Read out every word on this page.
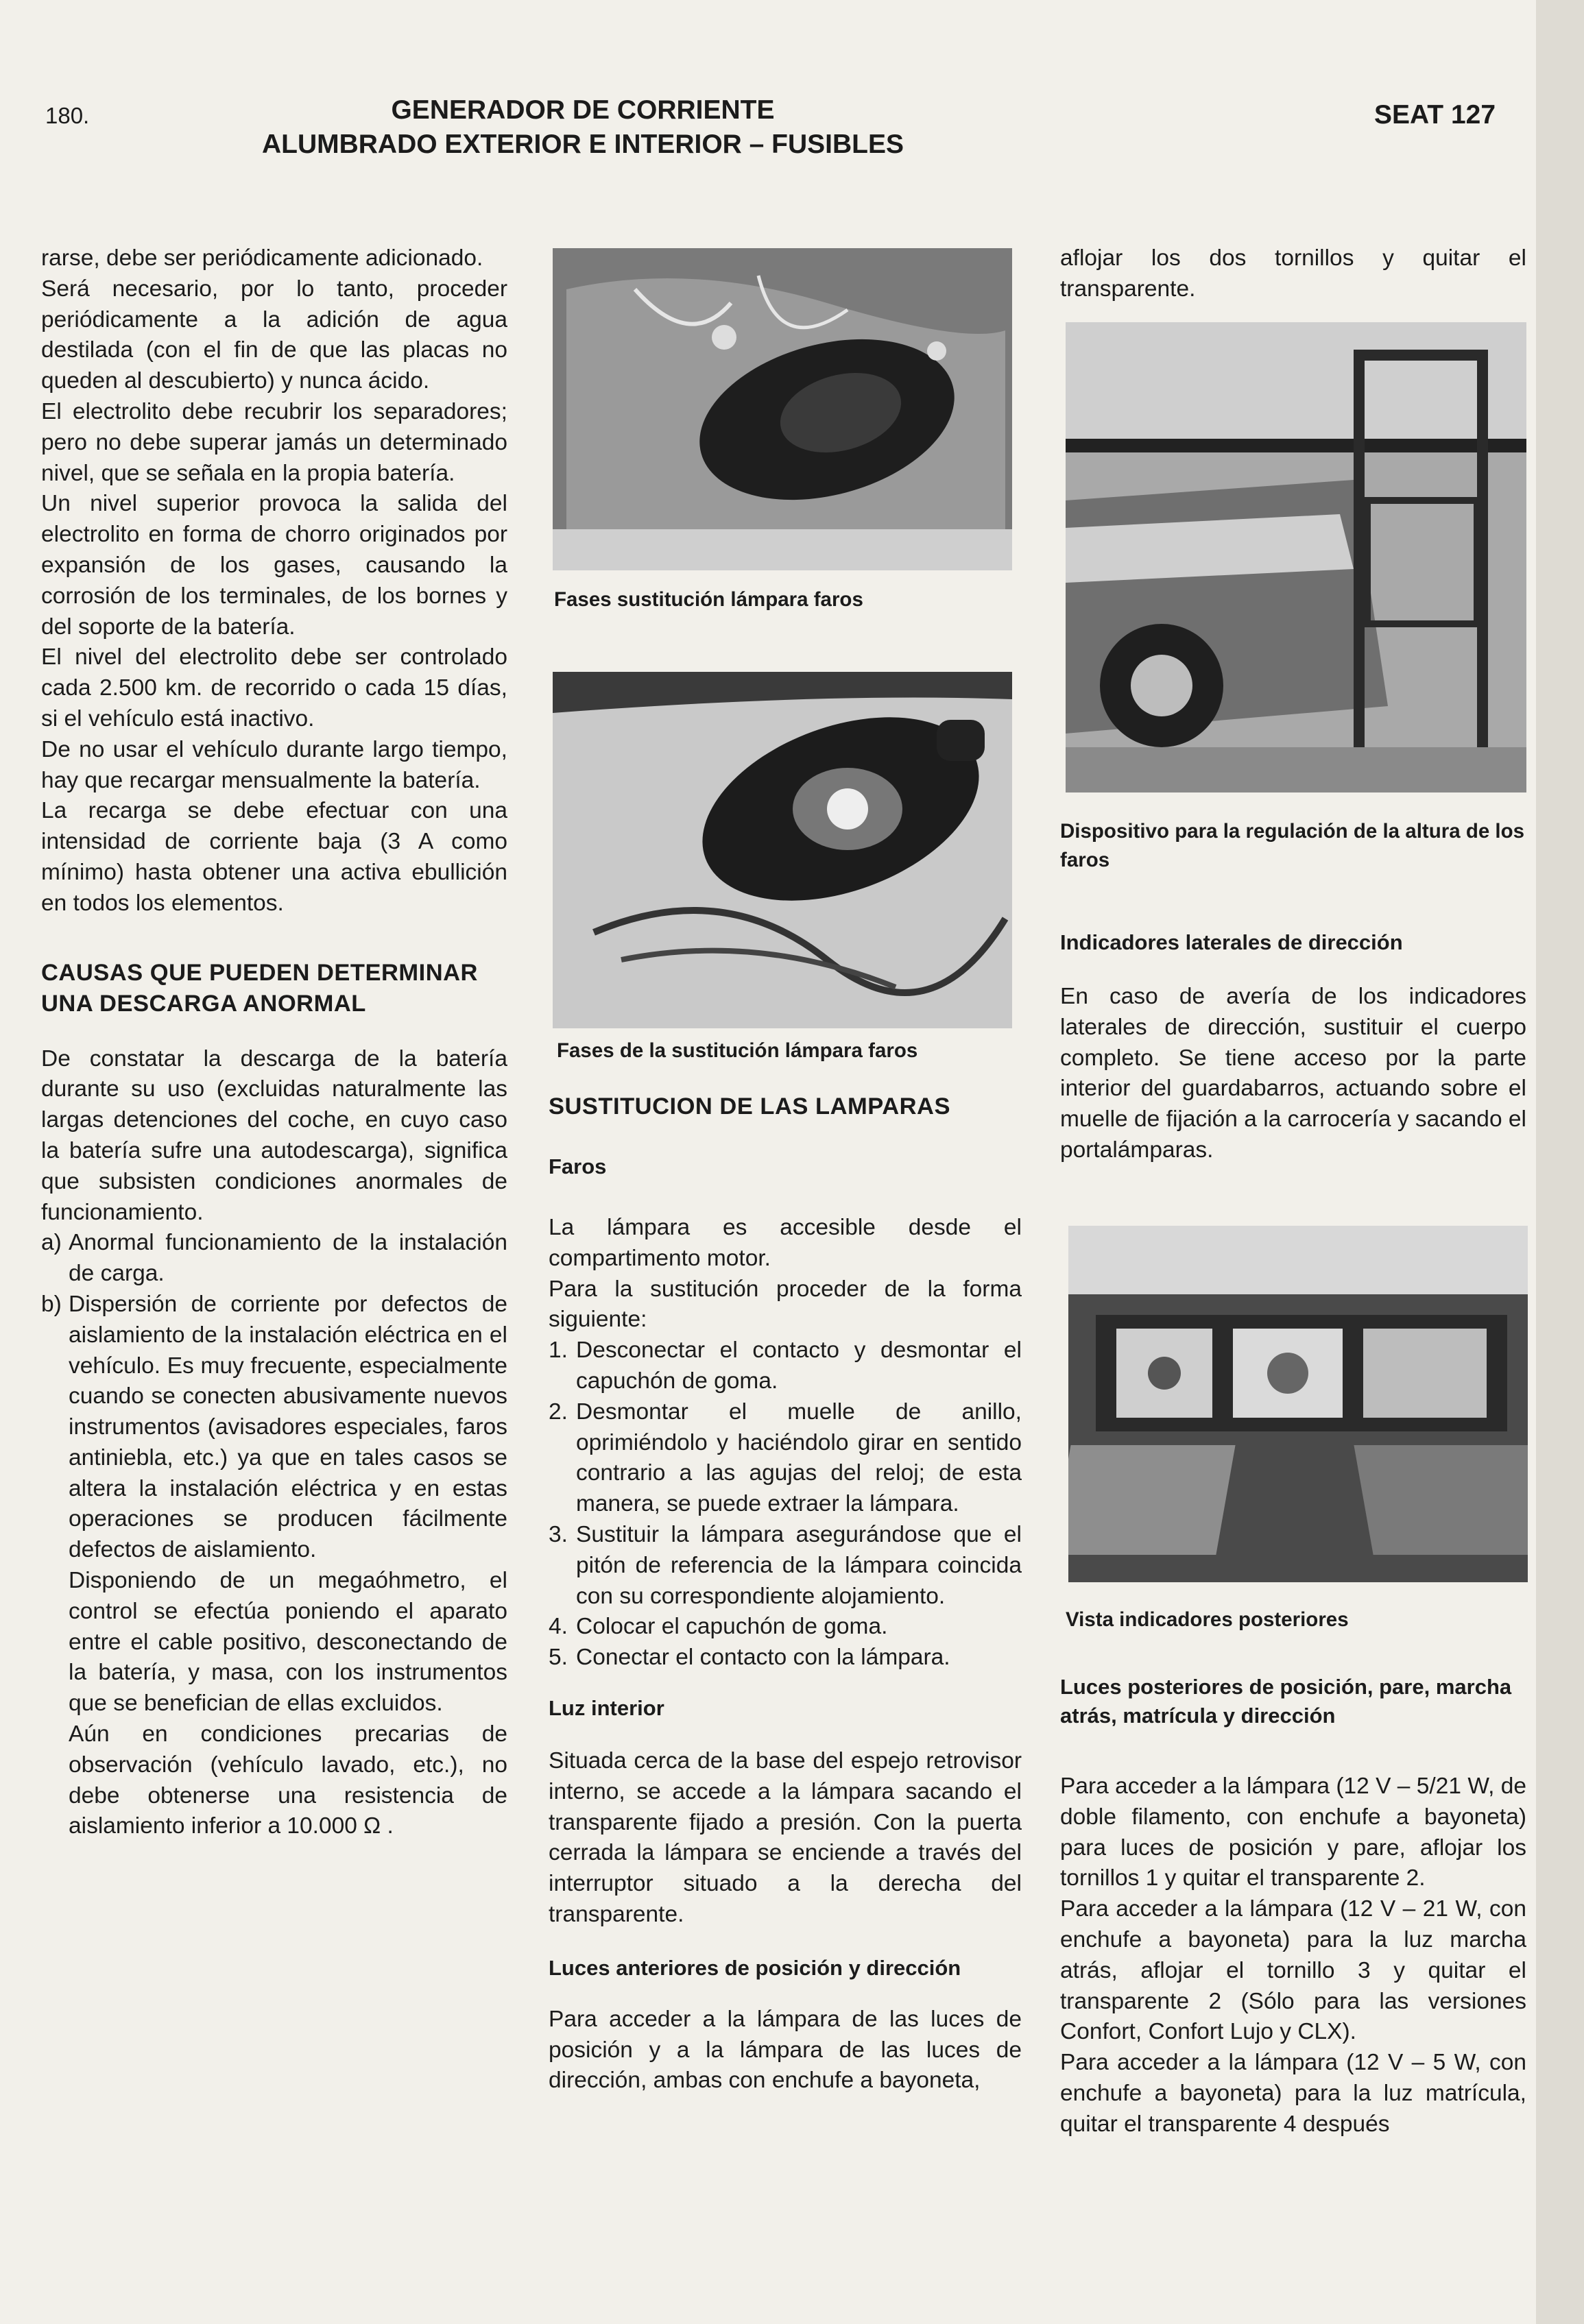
180.	GENERADOR DE CORRIENTE
ALUMBRADO EXTERIOR E INTERIOR – FUSIBLES
SEAT 127

rarse, debe ser periódicamente adicionado.

Será necesario, por lo tanto, proceder periódicamente a la adición de agua destilada (con el fin de que las placas no queden al descubierto) y nunca ácido.

El electrolito debe recubrir los separadores; pero no debe superar jamás un determinado nivel, que se señala en la propia batería.

Un nivel superior provoca la salida del electrolito en forma de chorro originados por expansión de los gases, causando la corrosión de los terminales, de los bornes y del soporte de la batería.

El nivel del electrolito debe ser controlado cada 2.500 km. de recorrido o cada 15 días, si el vehículo está inactivo.

De no usar el vehículo durante largo tiempo, hay que recargar mensualmente la batería.

La recarga se debe efectuar con una intensidad de corriente baja (3 A como mínimo) hasta obtener una activa ebullición en todos los elementos.

CAUSAS QUE PUEDEN DETERMINAR UNA DESCARGA ANORMAL

De constatar la descarga de la batería durante su uso (excluidas naturalmente las largas detenciones del coche, en cuyo caso la batería sufre una autodescarga), significa que subsisten condiciones anormales de funcionamiento.

a) Anormal funcionamiento de la instalación de carga.
b) Dispersión de corriente por defectos de aislamiento de la instalación eléctrica en el vehículo. Es muy frecuente, especialmente cuando se conecten abusivamente nuevos instrumentos (avisadores especiales, faros antiniebla, etc.) ya que en tales casos se altera la instalación eléctrica y en estas operaciones se producen fácilmente defectos de aislamiento.

Disponiendo de un megaóhmetro, el control se efectúa poniendo el aparato entre el cable positivo, desconectando de la batería, y masa, con los instrumentos que se benefician de ellas excluidos.

Aún en condiciones precarias de observación (vehículo lavado, etc.), no debe obtenerse una resistencia de aislamiento inferior a 10.000 Ω .

Fases sustitución lámpara faros
Fases de la sustitución lámpara faros
SUSTITUCION DE LAS LAMPARAS
Faros

La lámpara es accesible desde el compartimento motor.

Para la sustitución proceder de la forma siguiente:

1. Desconectar el contacto y desmontar el capuchón de goma.
2. Desmontar el muelle de anillo, oprimiéndolo y haciéndolo girar en sentido contrario a las agujas del reloj; de esta manera, se puede extraer la lámpara.
3. Sustituir la lámpara asegurándose que el pitón de referencia de la lámpara coincida con su correspondiente alojamiento.
4. Colocar el capuchón de goma.
5. Conectar el contacto con la lámpara.
Luz interior

Situada cerca de la base del espejo retrovisor interno, se accede a la lámpara sacando el transparente fijado a presión. Con la puerta cerrada la lámpara se enciende a través del interruptor situado a la derecha del transparente.

Luces anteriores de posición y dirección

Para acceder a la lámpara de las luces de posición y a la lámpara de las luces de dirección, ambas con enchufe a bayoneta,

aflojar los dos tornillos y quitar el transparente.

Dispositivo para la regulación de la altura de los faros
Indicadores laterales de dirección

En caso de avería de los indicadores laterales de dirección, sustituir el cuerpo completo. Se tiene acceso por la parte interior del guardabarros, actuando sobre el muelle de fijación a la carrocería y sacando el portalámparas.

Vista indicadores posteriores
Luces posteriores de posición, pare, marcha atrás, matrícula y dirección

Para acceder a la lámpara (12 V – 5/21 W, de doble filamento, con enchufe a bayoneta) para luces de posición y pare, aflojar los tornillos 1 y quitar el transparente 2.

Para acceder a la lámpara (12 V – 21 W, con enchufe a bayoneta) para la luz marcha atrás, aflojar el tornillo 3 y quitar el transparente 2 (Sólo para las versiones Confort, Confort Lujo y CLX).

Para acceder a la lámpara (12 V – 5 W, con enchufe a bayoneta) para la luz matrícula, quitar el transparente 4 después
